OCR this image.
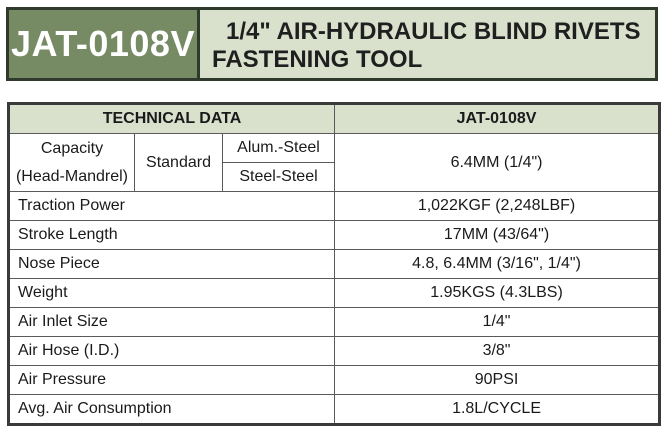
JAT-0108V	1/4" AIR-HYDRAULIC BLIND RIVETS
FASTENING TOOL
TECHNICAL DATA			JAT-0108V

Capacity
(Head-Mandrel)	Standard	Alum.-Steel	6.4MM (1/4")
		Steel-Steel	
Traction Power			1,022KGF (2,248LBF)
Stroke Length			17MM (43/64")
Nose Piece			4.8, 6.4MM (3/16", 1/4")
Weight			1.95KGS (4.3LBS)
Air Inlet Size			1/4"
Air Hose (I.D.)			3/8"
Air Pressure			90PSI
Avg. Air Consumption			1.8L/CYCLE
